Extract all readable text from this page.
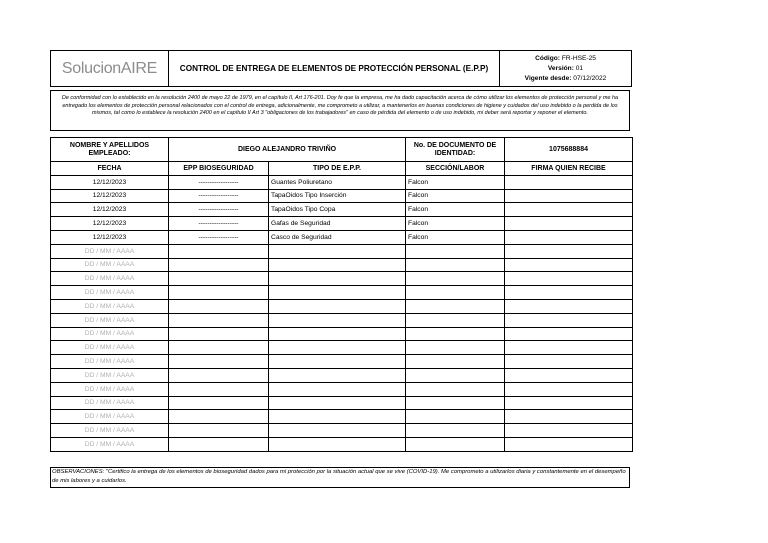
SolucionAIRE	CONTROL DE ENTREGA DE ELEMENTOS DE PROTECCIÓN PERSONAL (E.P.P)	
Código: FR-HSE-25
Versión: 01
Vigente desde: 07/12/2022
De conformidad con lo establecido en la resolución 2400 de mayo 22 de 1979, en el capítulo II, Art 176-201. Doy fe que la empresa, me ha dado capacitación acerca de cómo utilizar los elementos de protección personal y me ha entregado los elementos de protección personal relacionados con el control de entrega, adicionalmente, me comprometo a utilizar, a mantenerlos en buenas condiciones de higiene y cuidados del uso indebido o la perdida de los mismos, tal como lo establece la resolución 2400 en el capítulo II Art 3 "obligaciones de los trabajadores" en caso de pérdida del elemento o de uso indebido, mi deber será reportar y reponer el elemento.
NOMBRE Y APELLIDOS EMPLEADO:	DIEGO ALEJANDRO TRIVIÑO		No. DE DOCUMENTO DE IDENTIDAD:	1075688884
FECHA	EPP BIOSEGURIDAD	TIPO DE E.P.P.	SECCIÓN/LABOR	FIRMA QUIEN RECIBE
12/12/2023	------------------	Guantes Poliuretano	Falcon	
12/12/2023	------------------	TapaOidos Tipo Inserción	Falcon	
12/12/2023	------------------	TapaOidos Tipo Copa	Falcon	
12/12/2023	------------------	Gafas de Seguridad	Falcon	
12/12/2023	------------------	Casco de Seguridad	Falcon	
DD / MM / AAAA				
DD / MM / AAAA				
DD / MM / AAAA				
DD / MM / AAAA				
DD / MM / AAAA				
DD / MM / AAAA				
DD / MM / AAAA				
DD / MM / AAAA				
DD / MM / AAAA				
DD / MM / AAAA				
DD / MM / AAAA				
DD / MM / AAAA				
DD / MM / AAAA				
DD / MM / AAAA				
DD / MM / AAAA				
OBSERVACIONES: "Certifico la entrega de los elementos de bioseguridad dados para mi protección por la situación actual que se vive (COVID-19). Me comprometo a utilizarlos diaria y constantemente en el desempeño de mis labores y a cuidarlos.
